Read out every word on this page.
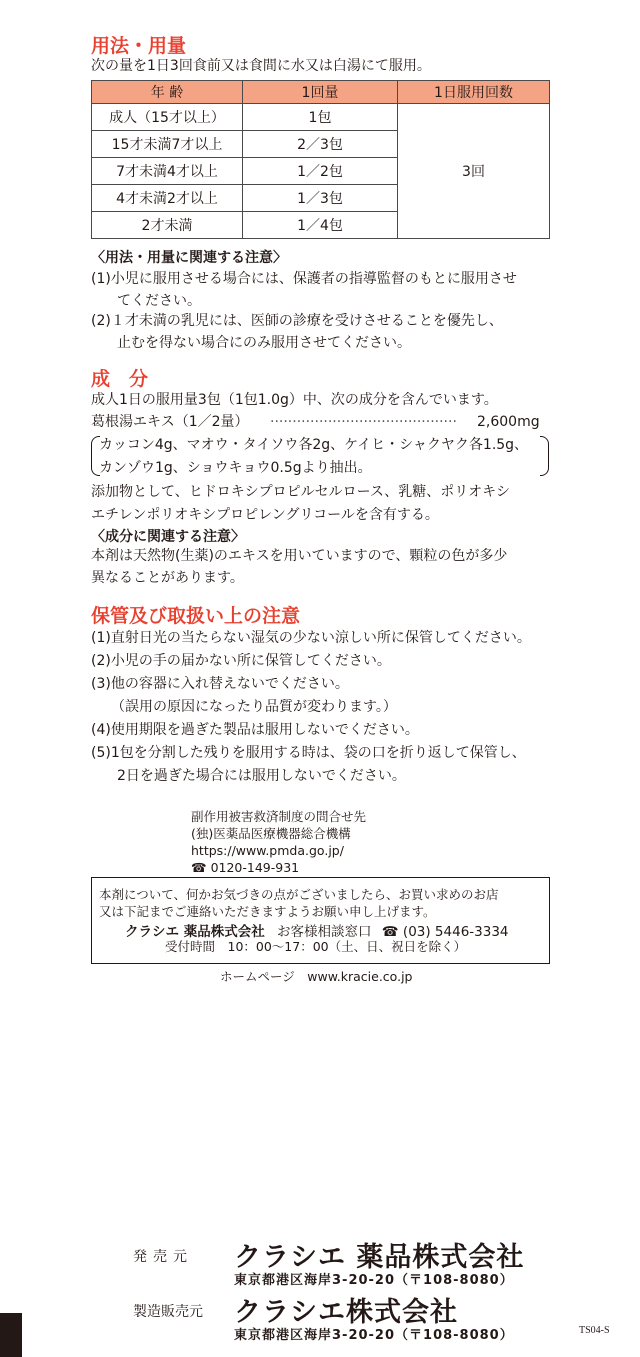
用法・用量
次の量を1日3回食前又は食間に水又は白湯にて服用。
年 齢	1回量	1日服用回数
成人（15才以上）	1包	3回
15才未満7才以上	2／3包	
7才未満4才以上	1／2包	
4才未満2才以上	1／3包	
2才未満	1／4包	
〈用法・用量に関連する注意〉
(1)小児に服用させる場合には、保護者の指導監督のもとに服用させ
てください。
(2)１才未満の乳児には、医師の診療を受けさせることを優先し、
止むを得ない場合にのみ服用させてください。
成　分
成人1日の服用量3包（1包1.0g）中、次の成分を含んでいます。
葛根湯エキス（1／2量） ··········································	2,600mg
カッコン4g、マオウ・タイソウ各2g、ケイヒ・シャクヤク各1.5g、
カンゾウ1g、ショウキョウ0.5gより抽出。
添加物として、ヒドロキシプロピルセルロース、乳糖、ポリオキシ
エチレンポリオキシプロピレングリコールを含有する。
〈成分に関連する注意〉
本剤は天然物(生薬)のエキスを用いていますので、顆粒の色が多少
異なることがあります。
保管及び取扱い上の注意
(1)直射日光の当たらない湿気の少ない涼しい所に保管してください。
(2)小児の手の届かない所に保管してください。
(3)他の容器に入れ替えないでください。
（誤用の原因になったり品質が変わります。）
(4)使用期限を過ぎた製品は服用しないでください。
(5)1包を分割した残りを服用する時は、袋の口を折り返して保管し、
2日を過ぎた場合には服用しないでください。
副作用被害救済制度の問合せ先
(独)医薬品医療機器総合機構
https://www.pmda.go.jp/
☎ 0120-149-931
本剤について、何かお気づきの点がございましたら、お買い求めのお店
又は下記までご連絡いただきますようお願い申し上げます。
クラシエ 薬品株式会社 お客様相談窓口 ☎ (03) 5446-3334
受付時間　10：00〜17：00（土、日、祝日を除く）
ホームページ　www.kracie.co.jp
発売元 クラシエ 薬品株式会社
東京都港区海岸3-20-20（〒108-8080）
製造販売元 クラシエ株式会社
東京都港区海岸3-20-20（〒108-8080）	TS04-S
